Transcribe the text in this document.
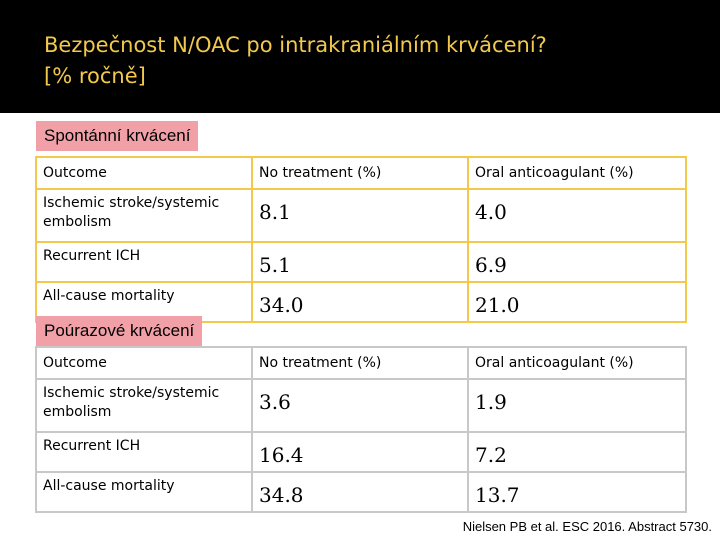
Bezpečnost N/OAC po intrakraniálním krvácení?
[% ročně]
Spontánní krvácení
Outcome	No treatment (%)	Oral anticoagulant (%)
Ischemic stroke/systemic embolism	8.1	4.0
Recurrent ICH	5.1	6.9
All-cause mortality	34.0	21.0
Poúrazové krvácení
Outcome	No treatment (%)	Oral anticoagulant (%)
Ischemic stroke/systemic embolism	3.6	1.9
Recurrent ICH	16.4	7.2
All-cause mortality	34.8	13.7
Nielsen PB et al. ESC 2016. Abstract 5730.
